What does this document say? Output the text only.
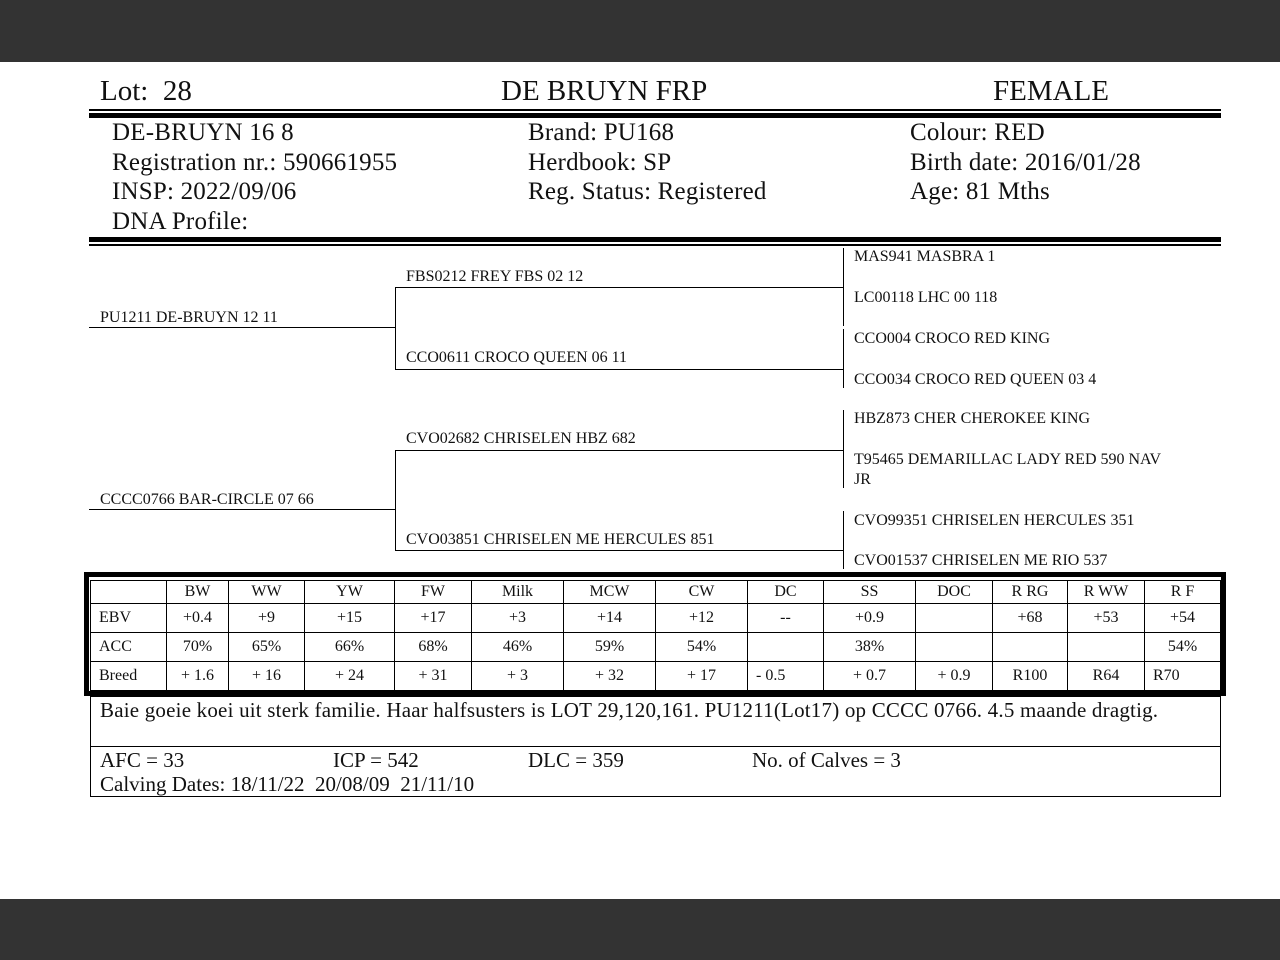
Lot: 28	DE BRUYN FRP	FEMALE
DE-BRUYN 16 8
Registration nr.: 590661955
INSP: 2022/09/06
DNA Profile:
Brand: PU168
Herdbook: SP
Reg. Status: Registered
Colour: RED
Birth date: 2016/01/28
Age: 81 Mths
PU1211 DE-BRUYN 12 11
CCCC0766 BAR-CIRCLE 07 66
FBS0212 FREY FBS 02 12
CCO0611 CROCO QUEEN 06 11
CVO02682 CHRISELEN HBZ 682
CVO03851 CHRISELEN ME HERCULES 851
MAS941 MASBRA 1
LC00118 LHC 00 118
CCO004 CROCO RED KING
CCO034 CROCO RED QUEEN 03 4
HBZ873 CHER CHEROKEE KING
T95465 DEMARILLAC LADY RED 590 NAV
JR
CVO99351 CHRISELEN HERCULES 351
CVO01537 CHRISELEN ME RIO 537
	BW	WW	YW	FW	Milk	MCW	CW	DC	SS	DOC	R RG	R WW	R F
EBV	+0.4	+9	+15	+17	+3	+14	+12	--	+0.9		+68	+53	+54
ACC	70%	65%	66%	68%	46%	59%	54%		38%				54%
Breed	+ 1.6	+ 16	+ 24	+ 31	+ 3	+ 32	+ 17	- 0.5	+ 0.7	+ 0.9	R100	R64	R70
Baie goeie koei uit sterk familie. Haar halfsusters is LOT 29,120,161. PU1211(Lot17) op CCCC 0766. 4.5 maande dragtig.
AFC = 33	ICP = 542	DLC = 359	No. of Calves = 3
Calving Dates: 18/11/22  20/08/09  21/11/10
